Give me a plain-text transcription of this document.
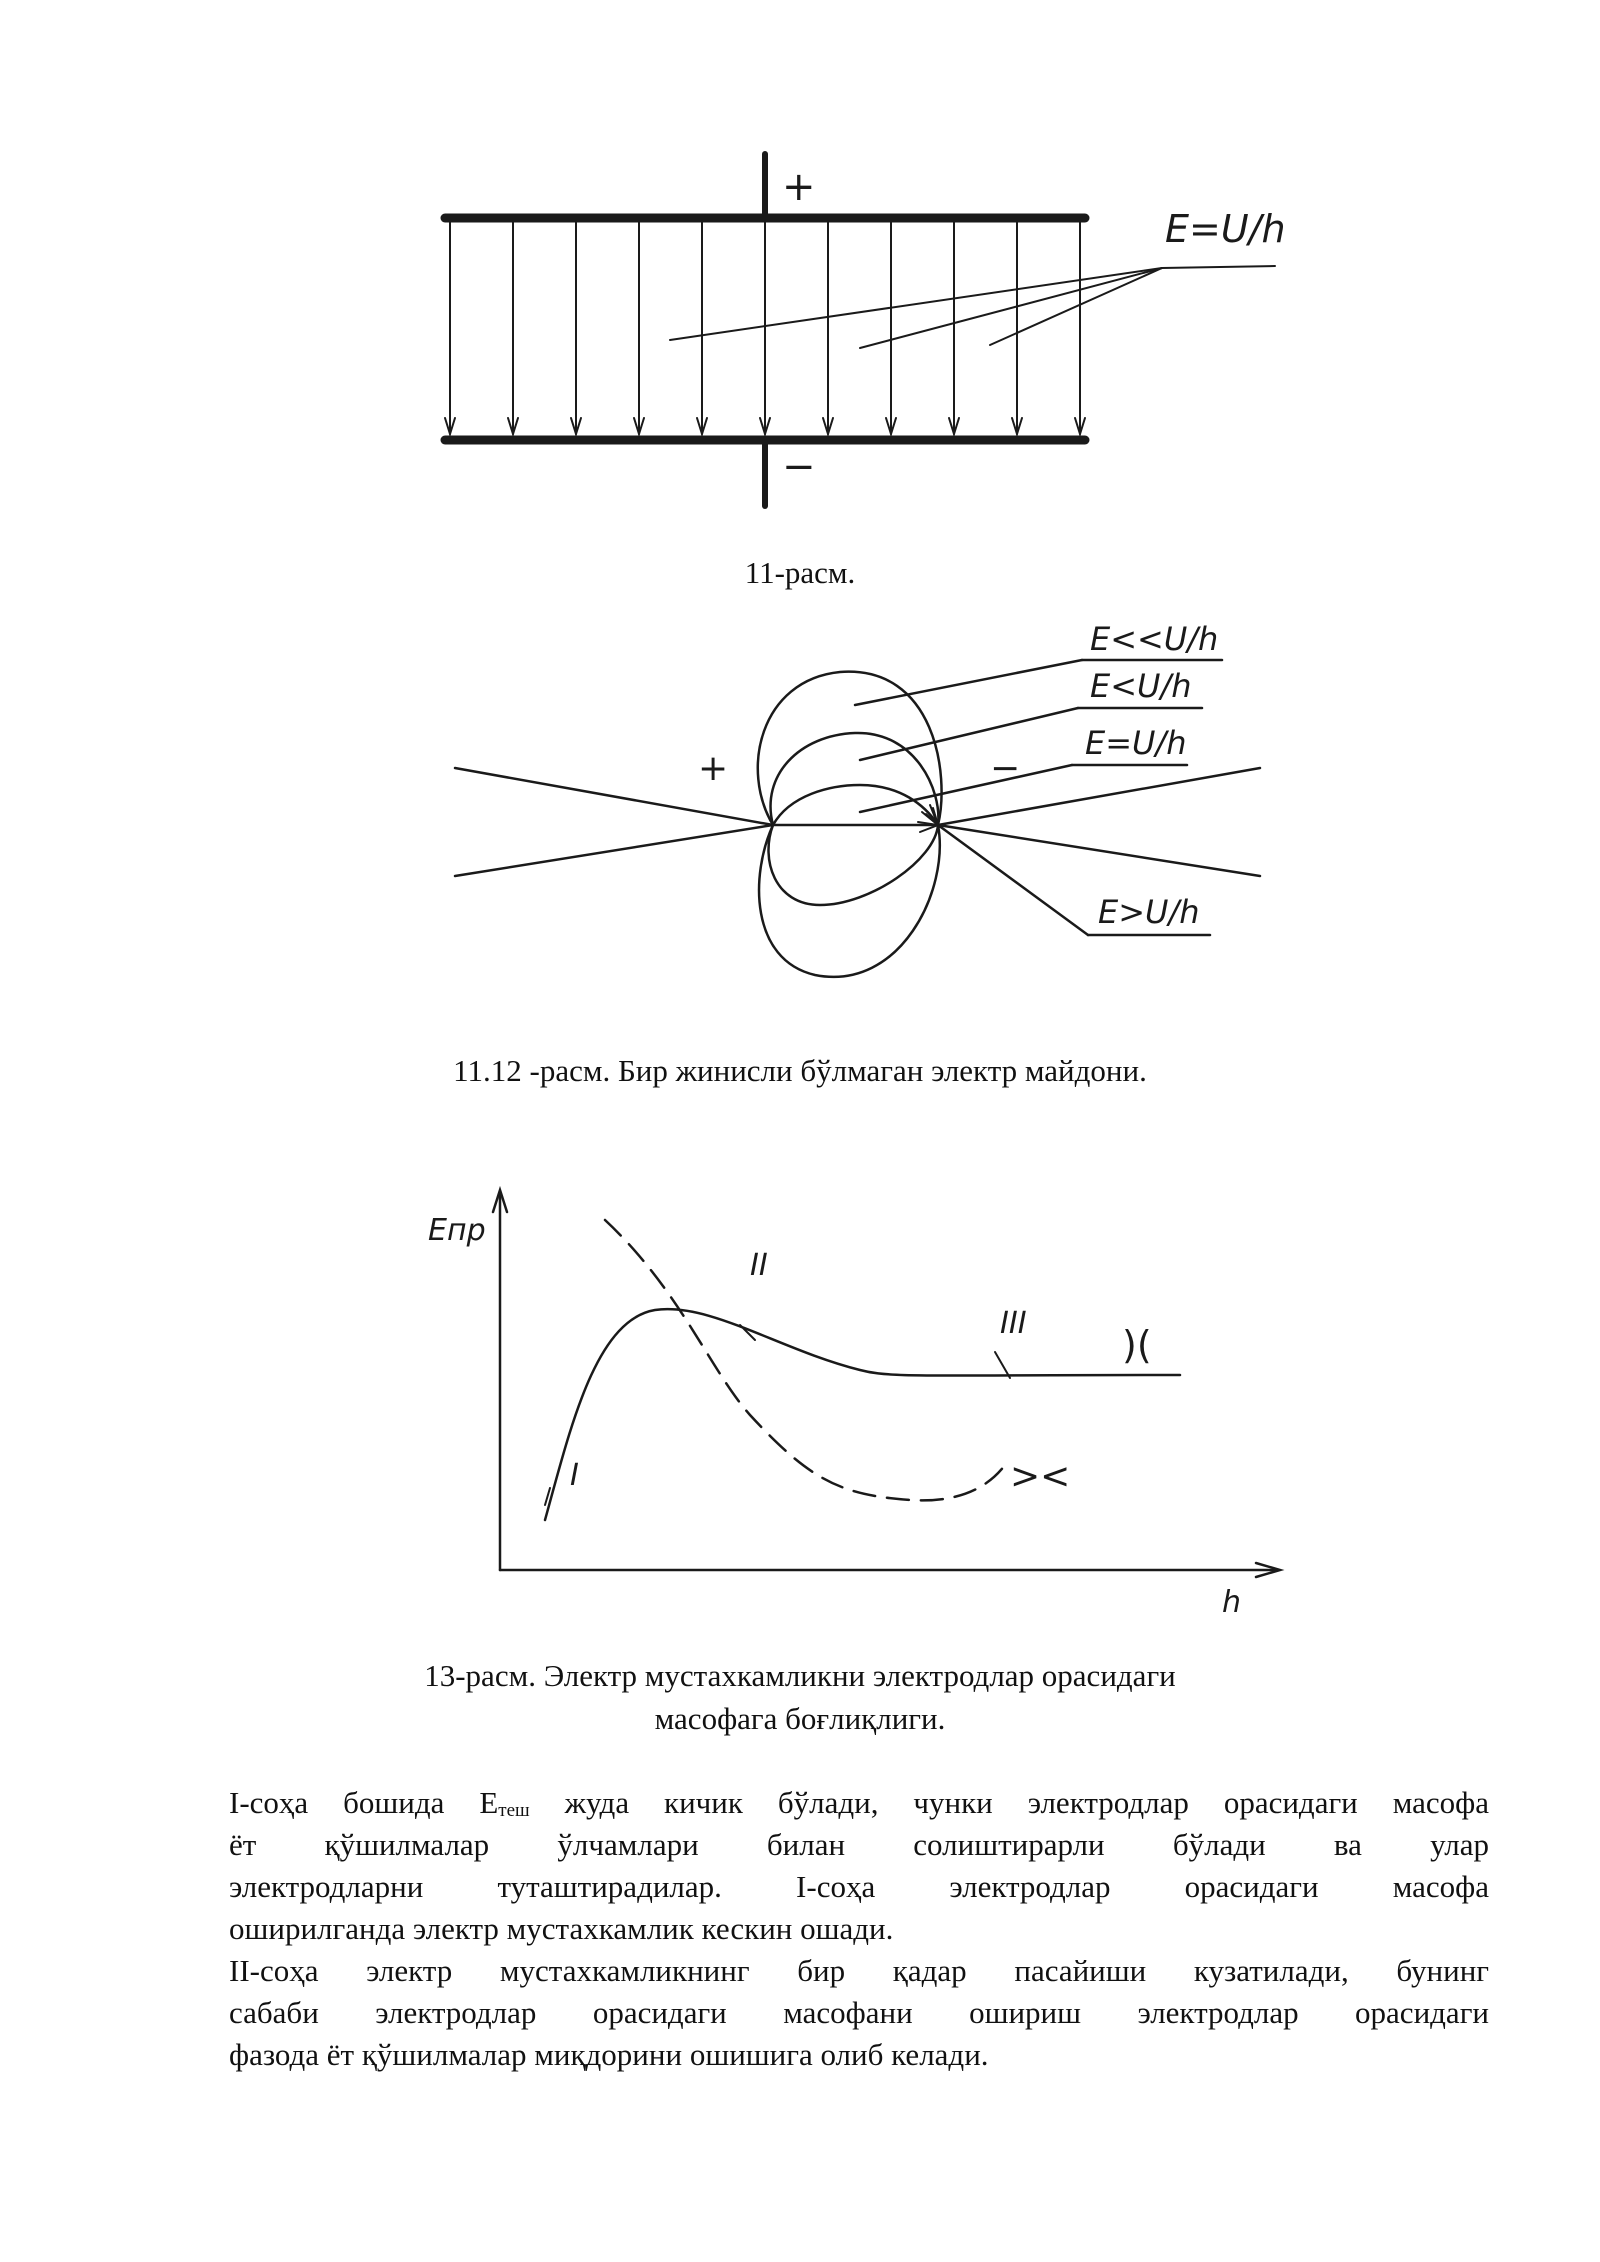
+
−
E=U/h
11-расм.
+	−
E<<U/h
E<U/h
E=U/h
E>U/h
11.12 -расм. Бир жинисли бўлмаган электр майдони.
Eпр
h
I
II
III	)(
><
13-расм. Электр мустахкамликни электродлар орасидаги
масофага боғлиқлиги.
I-соҳа бошида $Е_{теш}$ жуда кичик бўлади, чунки электродлар орасидаги масофа
ёт қўшилмалар ўлчамлари билан солиштирарли бўлади ва улар
электродларни туташтирадилар. I-соҳа электродлар орасидаги масофа
оширилганда электр мустахкамлик кескин ошади.
II-соҳа электр мустахкамликнинг бир қадар пасайиши кузатилади, бунинг
сабаби электродлар орасидаги масофани ошириш электродлар орасидаги
фазода ёт қўшилмалар миқдорини ошишига олиб келади.
